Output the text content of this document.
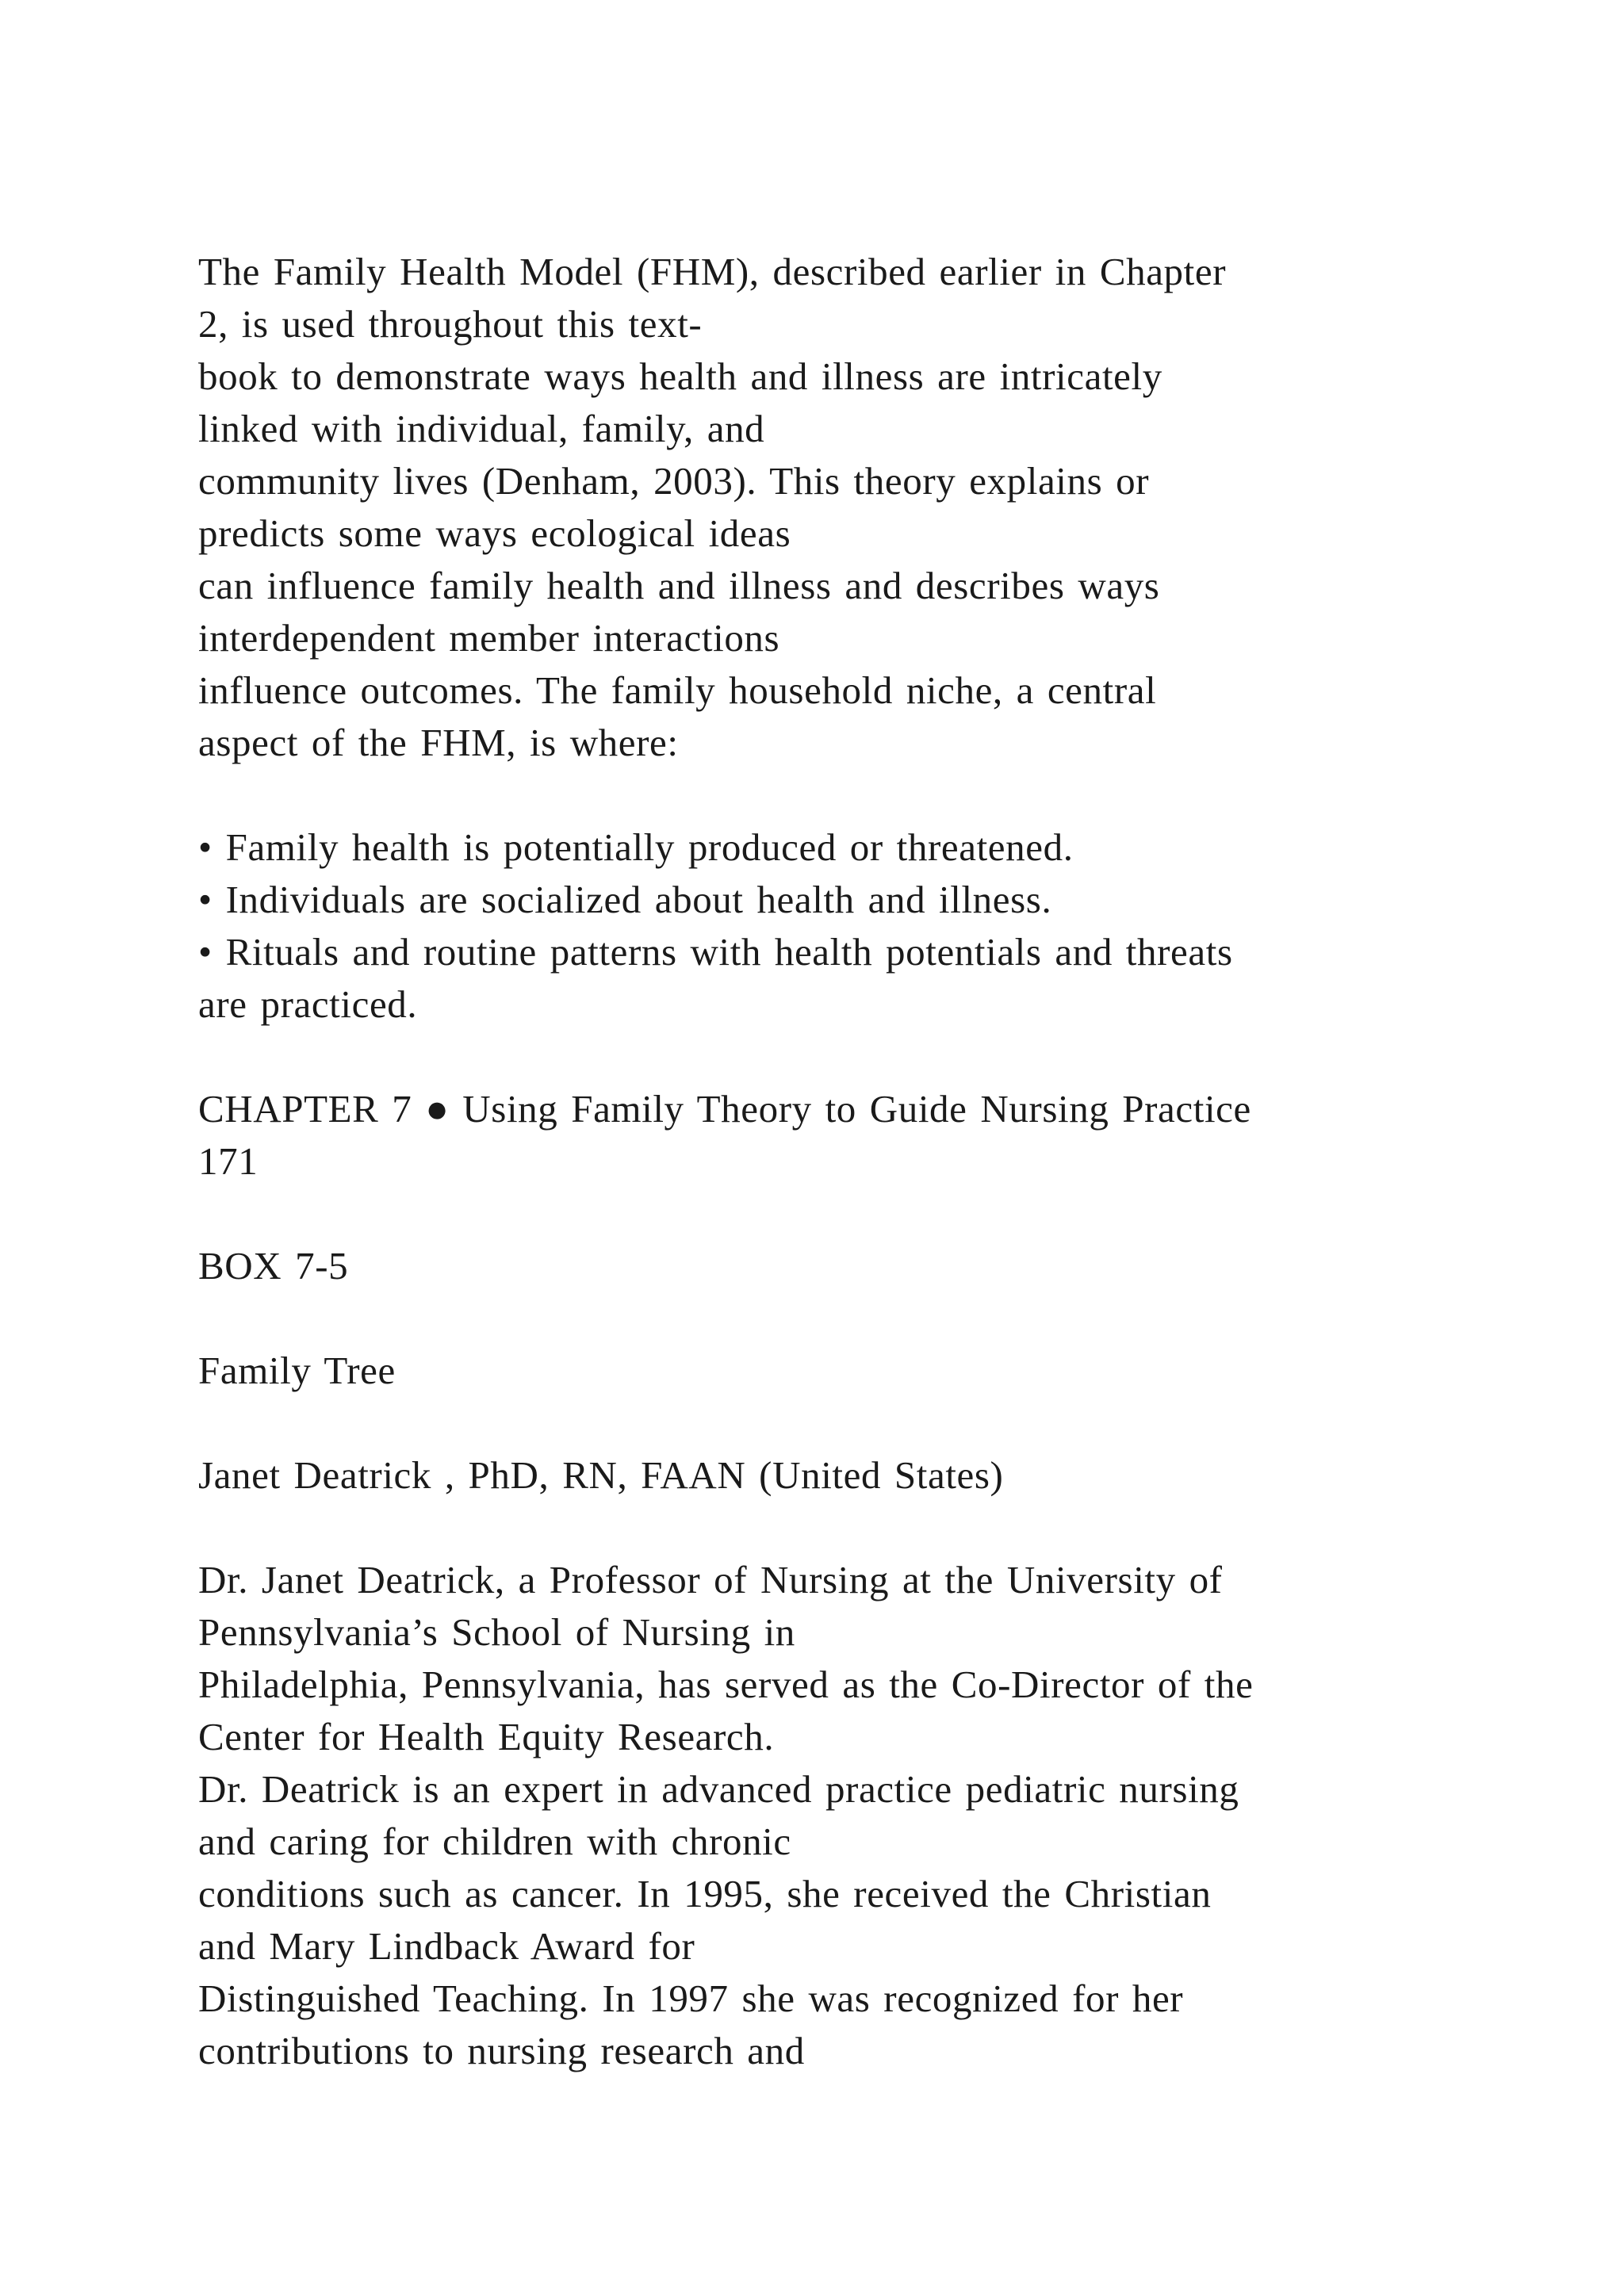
The Family Health Model (FHM), described earlier in Chapter
2, is used throughout this text-
book to demonstrate ways health and illness are intricately
linked with individual, family, and
community lives (Denham, 2003). This theory explains or
predicts some ways ecological ideas
can influence family health and illness and describes ways
interdependent member interactions
influence outcomes. The family household niche, a central
aspect of the FHM, is where:
• Family health is potentially produced or threatened.
• Individuals are socialized about health and illness.
• Rituals and routine patterns with health potentials and threats
are practiced.
CHAPTER 7 ● Using Family Theory to Guide Nursing Practice
171
BOX 7-5
Family Tree
Janet Deatrick , PhD, RN, FAAN (United States)
Dr. Janet Deatrick, a Professor of Nursing at the University of
Pennsylvania’s School of Nursing in
Philadelphia, Pennsylvania, has served as the Co-Director of the
Center for Health Equity Research.
Dr. Deatrick is an expert in advanced practice pediatric nursing
and caring for children with chronic
conditions such as cancer. In 1995, she received the Christian
and Mary Lindback Award for
Distinguished Teaching. In 1997 she was recognized for her
contributions to nursing research and
